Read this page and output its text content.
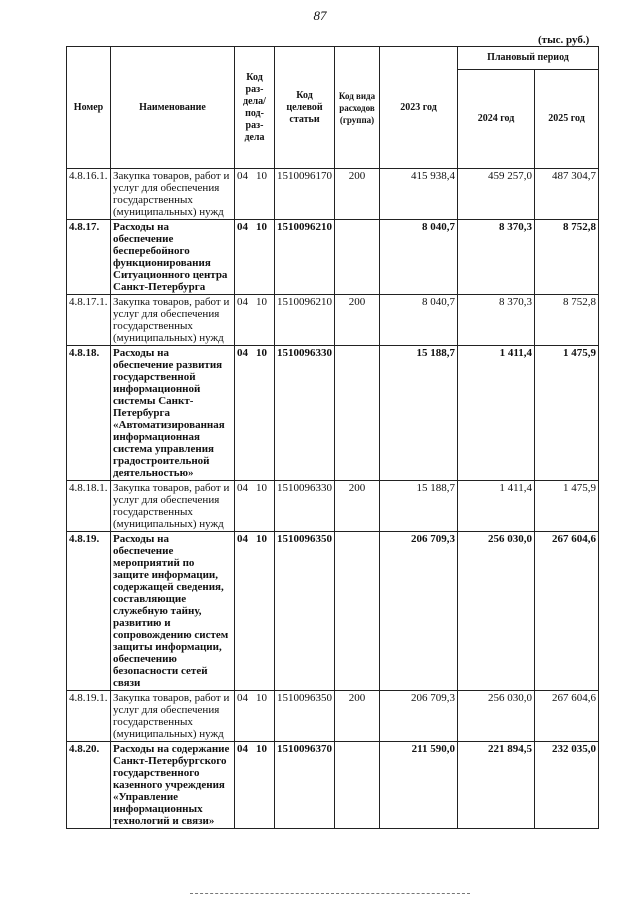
87
(тыс. руб.)
Номер	Наименование	Код раз-дела/ под-раз-дела	Код целевой статьи	Код вида расходов (группа)	2023 год	Плановый период	
						2024 год	2025 год
4.8.16.1.	Закупка товаров, работ и услуг для обеспечения государственных (муниципальных) нужд	04 10	1510096170	200	415 938,4	459 257,0	487 304,7
4.8.17.	Расходы на обеспечение бесперебойного функционирования Ситуационного центра Санкт-Петербурга	04 10	1510096210		8 040,7	8 370,3	8 752,8
4.8.17.1.	Закупка товаров, работ и услуг для обеспечения государственных (муниципальных) нужд	04 10	1510096210	200	8 040,7	8 370,3	8 752,8
4.8.18.	Расходы на обеспечение развития государственной информационной системы Санкт-Петербурга «Автоматизированная информационная система управления градостроительной деятельностью»	04 10	1510096330		15 188,7	1 411,4	1 475,9
4.8.18.1.	Закупка товаров, работ и услуг для обеспечения государственных (муниципальных) нужд	04 10	1510096330	200	15 188,7	1 411,4	1 475,9
4.8.19.	Расходы на обеспечение мероприятий по защите информации, содержащей сведения, составляющие служебную тайну, развитию и сопровождению систем защиты информации, обеспечению безопасности сетей связи	04 10	1510096350		206 709,3	256 030,0	267 604,6
4.8.19.1.	Закупка товаров, работ и услуг для обеспечения государственных (муниципальных) нужд	04 10	1510096350	200	206 709,3	256 030,0	267 604,6
4.8.20.	Расходы на содержание Санкт-Петербургского государственного казенного учреждения «Управление информационных технологий и связи»	04 10	1510096370		211 590,0	221 894,5	232 035,0
